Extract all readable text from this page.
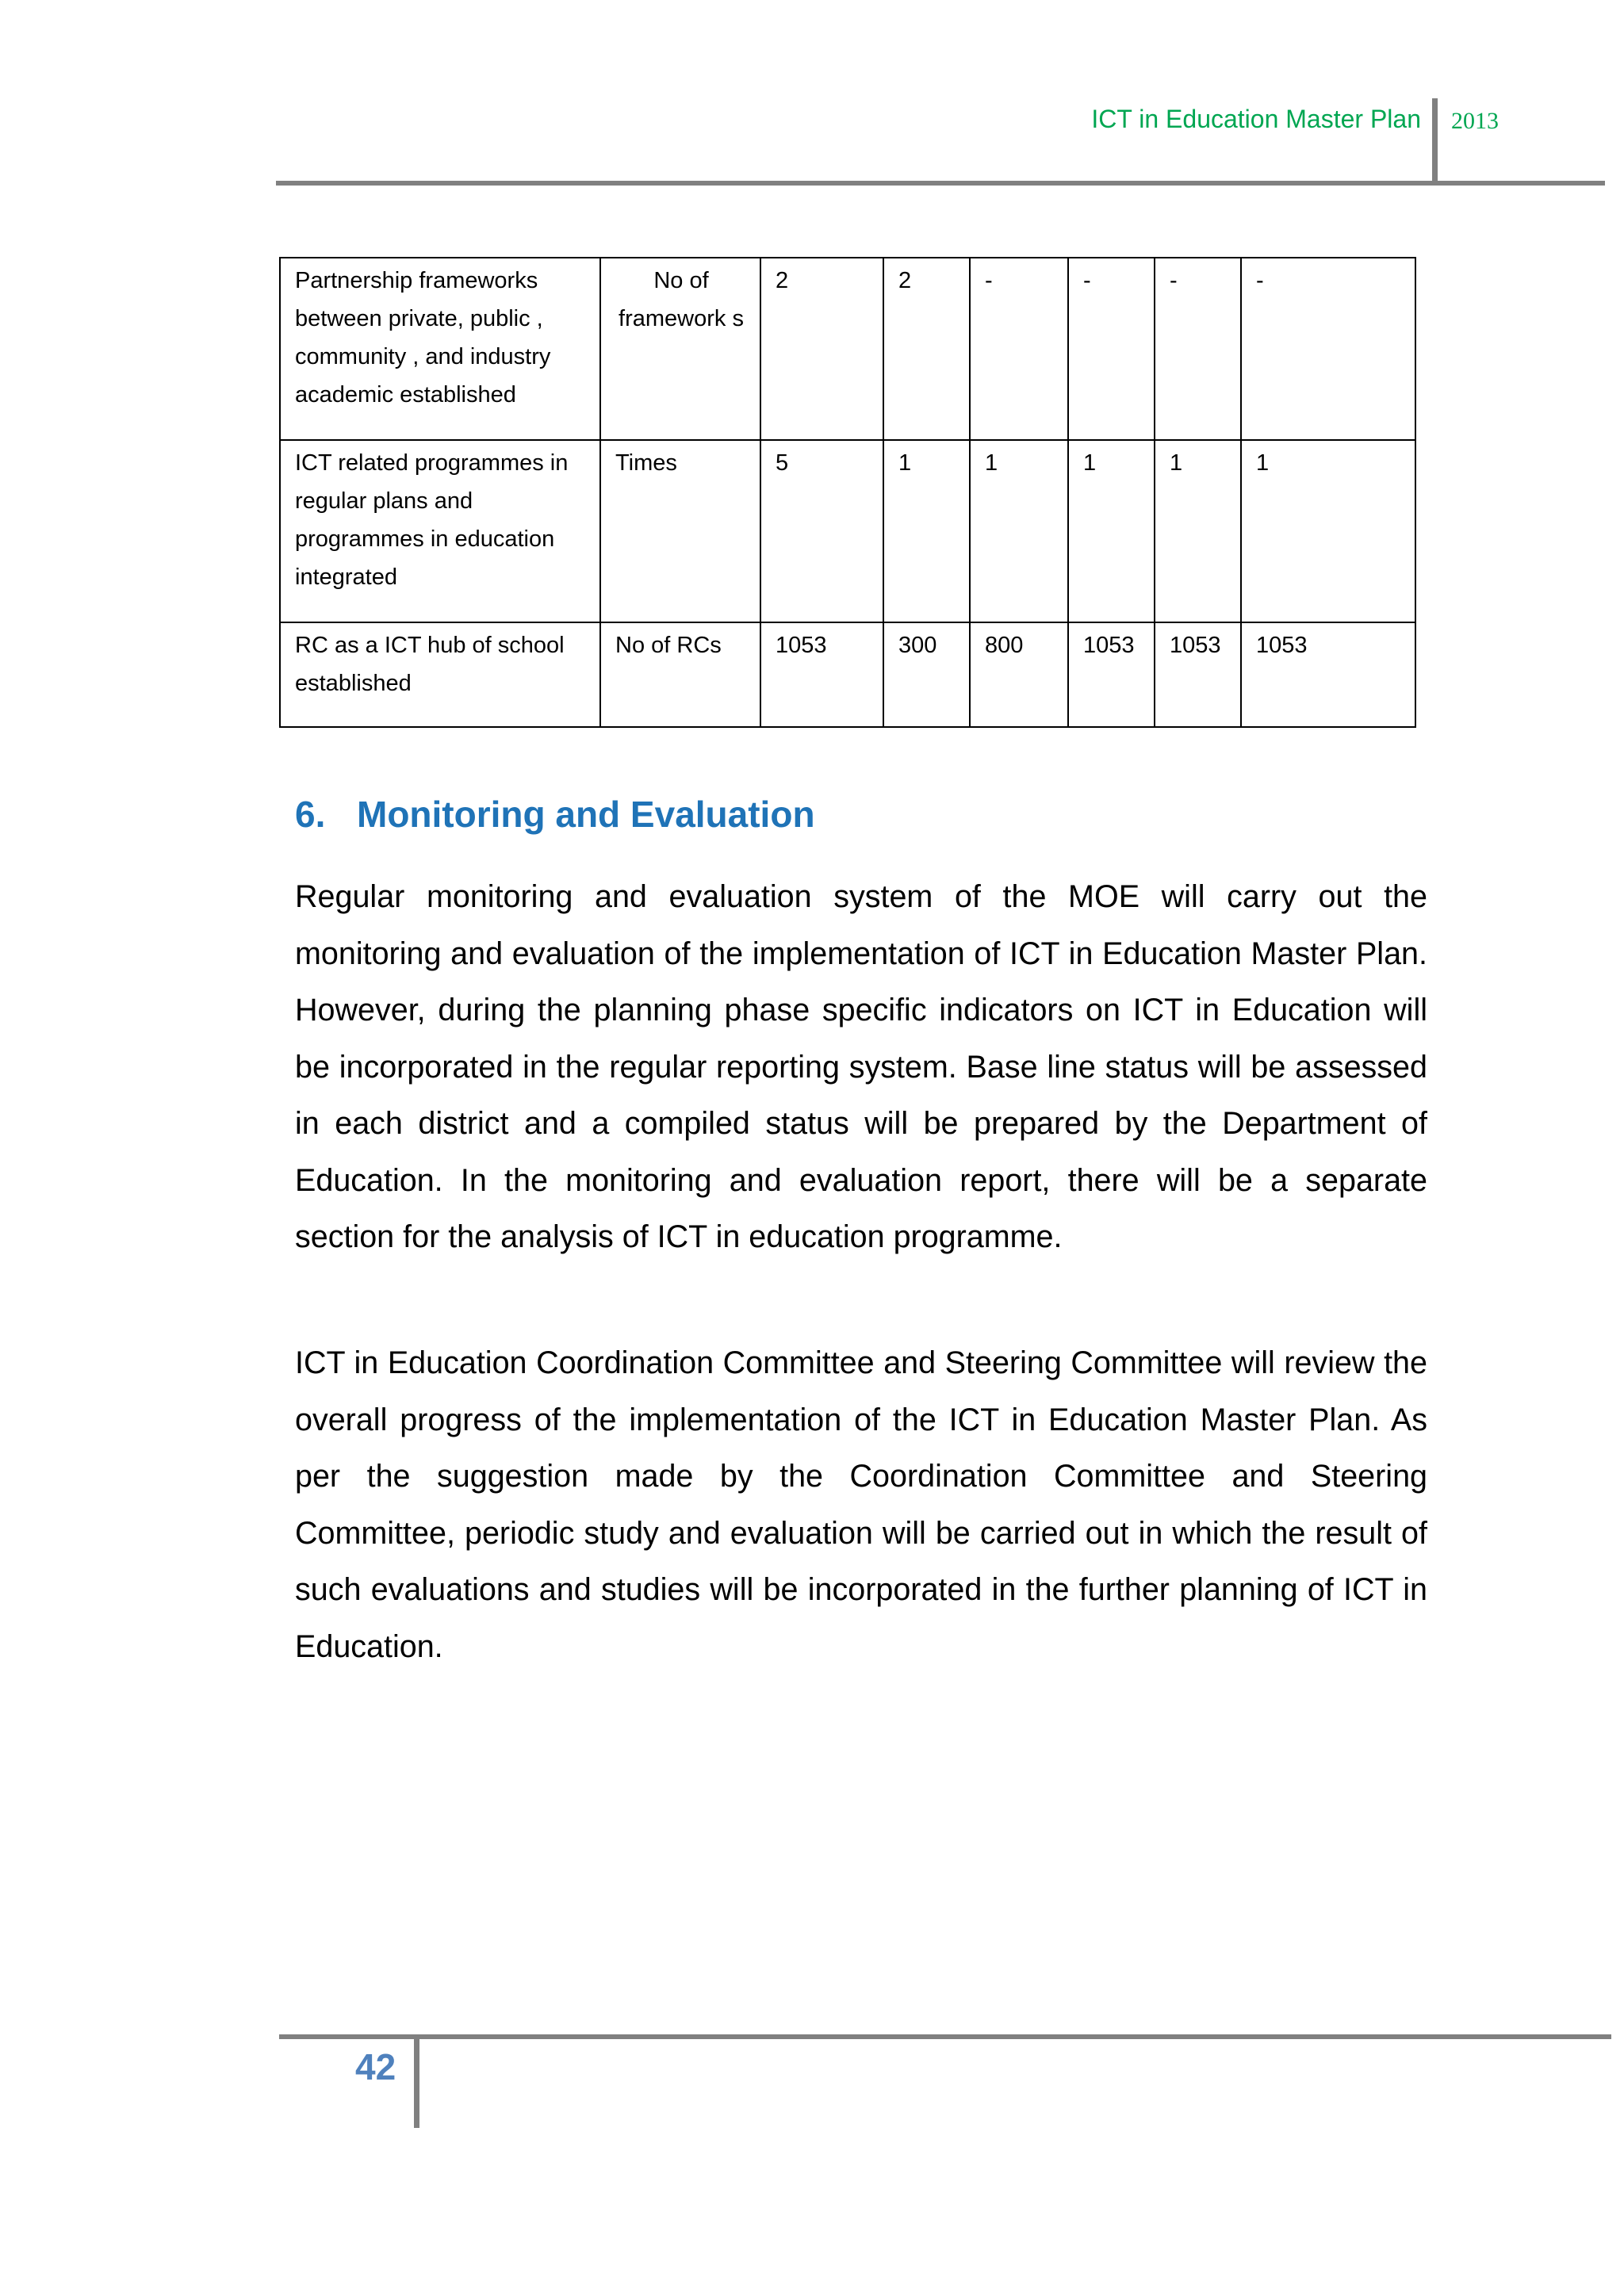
ICT in Education Master Plan 2013
Partnership frameworks between private, public , community , and industry academic established	No of framework s	2	2	-	-	-	-
ICT related programmes in regular plans and programmes in education integrated	Times	5	1	1	1	1	1
RC as a ICT hub of school established	No of RCs	1053	300	800	1053	1053	1053
6. Monitoring and Evaluation

Regular monitoring and evaluation system of the MOE will carry out the monitoring and evaluation of the implementation of ICT in Education Master Plan. However, during the planning phase specific indicators on ICT in Education will be incorporated in the regular reporting system. Base line status will be assessed in each district and a compiled status will be prepared by the Department of Education. In the monitoring and evaluation report, there will be a separate section for the analysis of ICT in education programme.

ICT in Education Coordination Committee and Steering Committee will review the overall progress of the implementation of the ICT in Education Master Plan. As per the suggestion made by the Coordination Committee and Steering Committee, periodic study and evaluation will be carried out in which the result of such evaluations and studies will be incorporated in the further planning of ICT in Education.

42
